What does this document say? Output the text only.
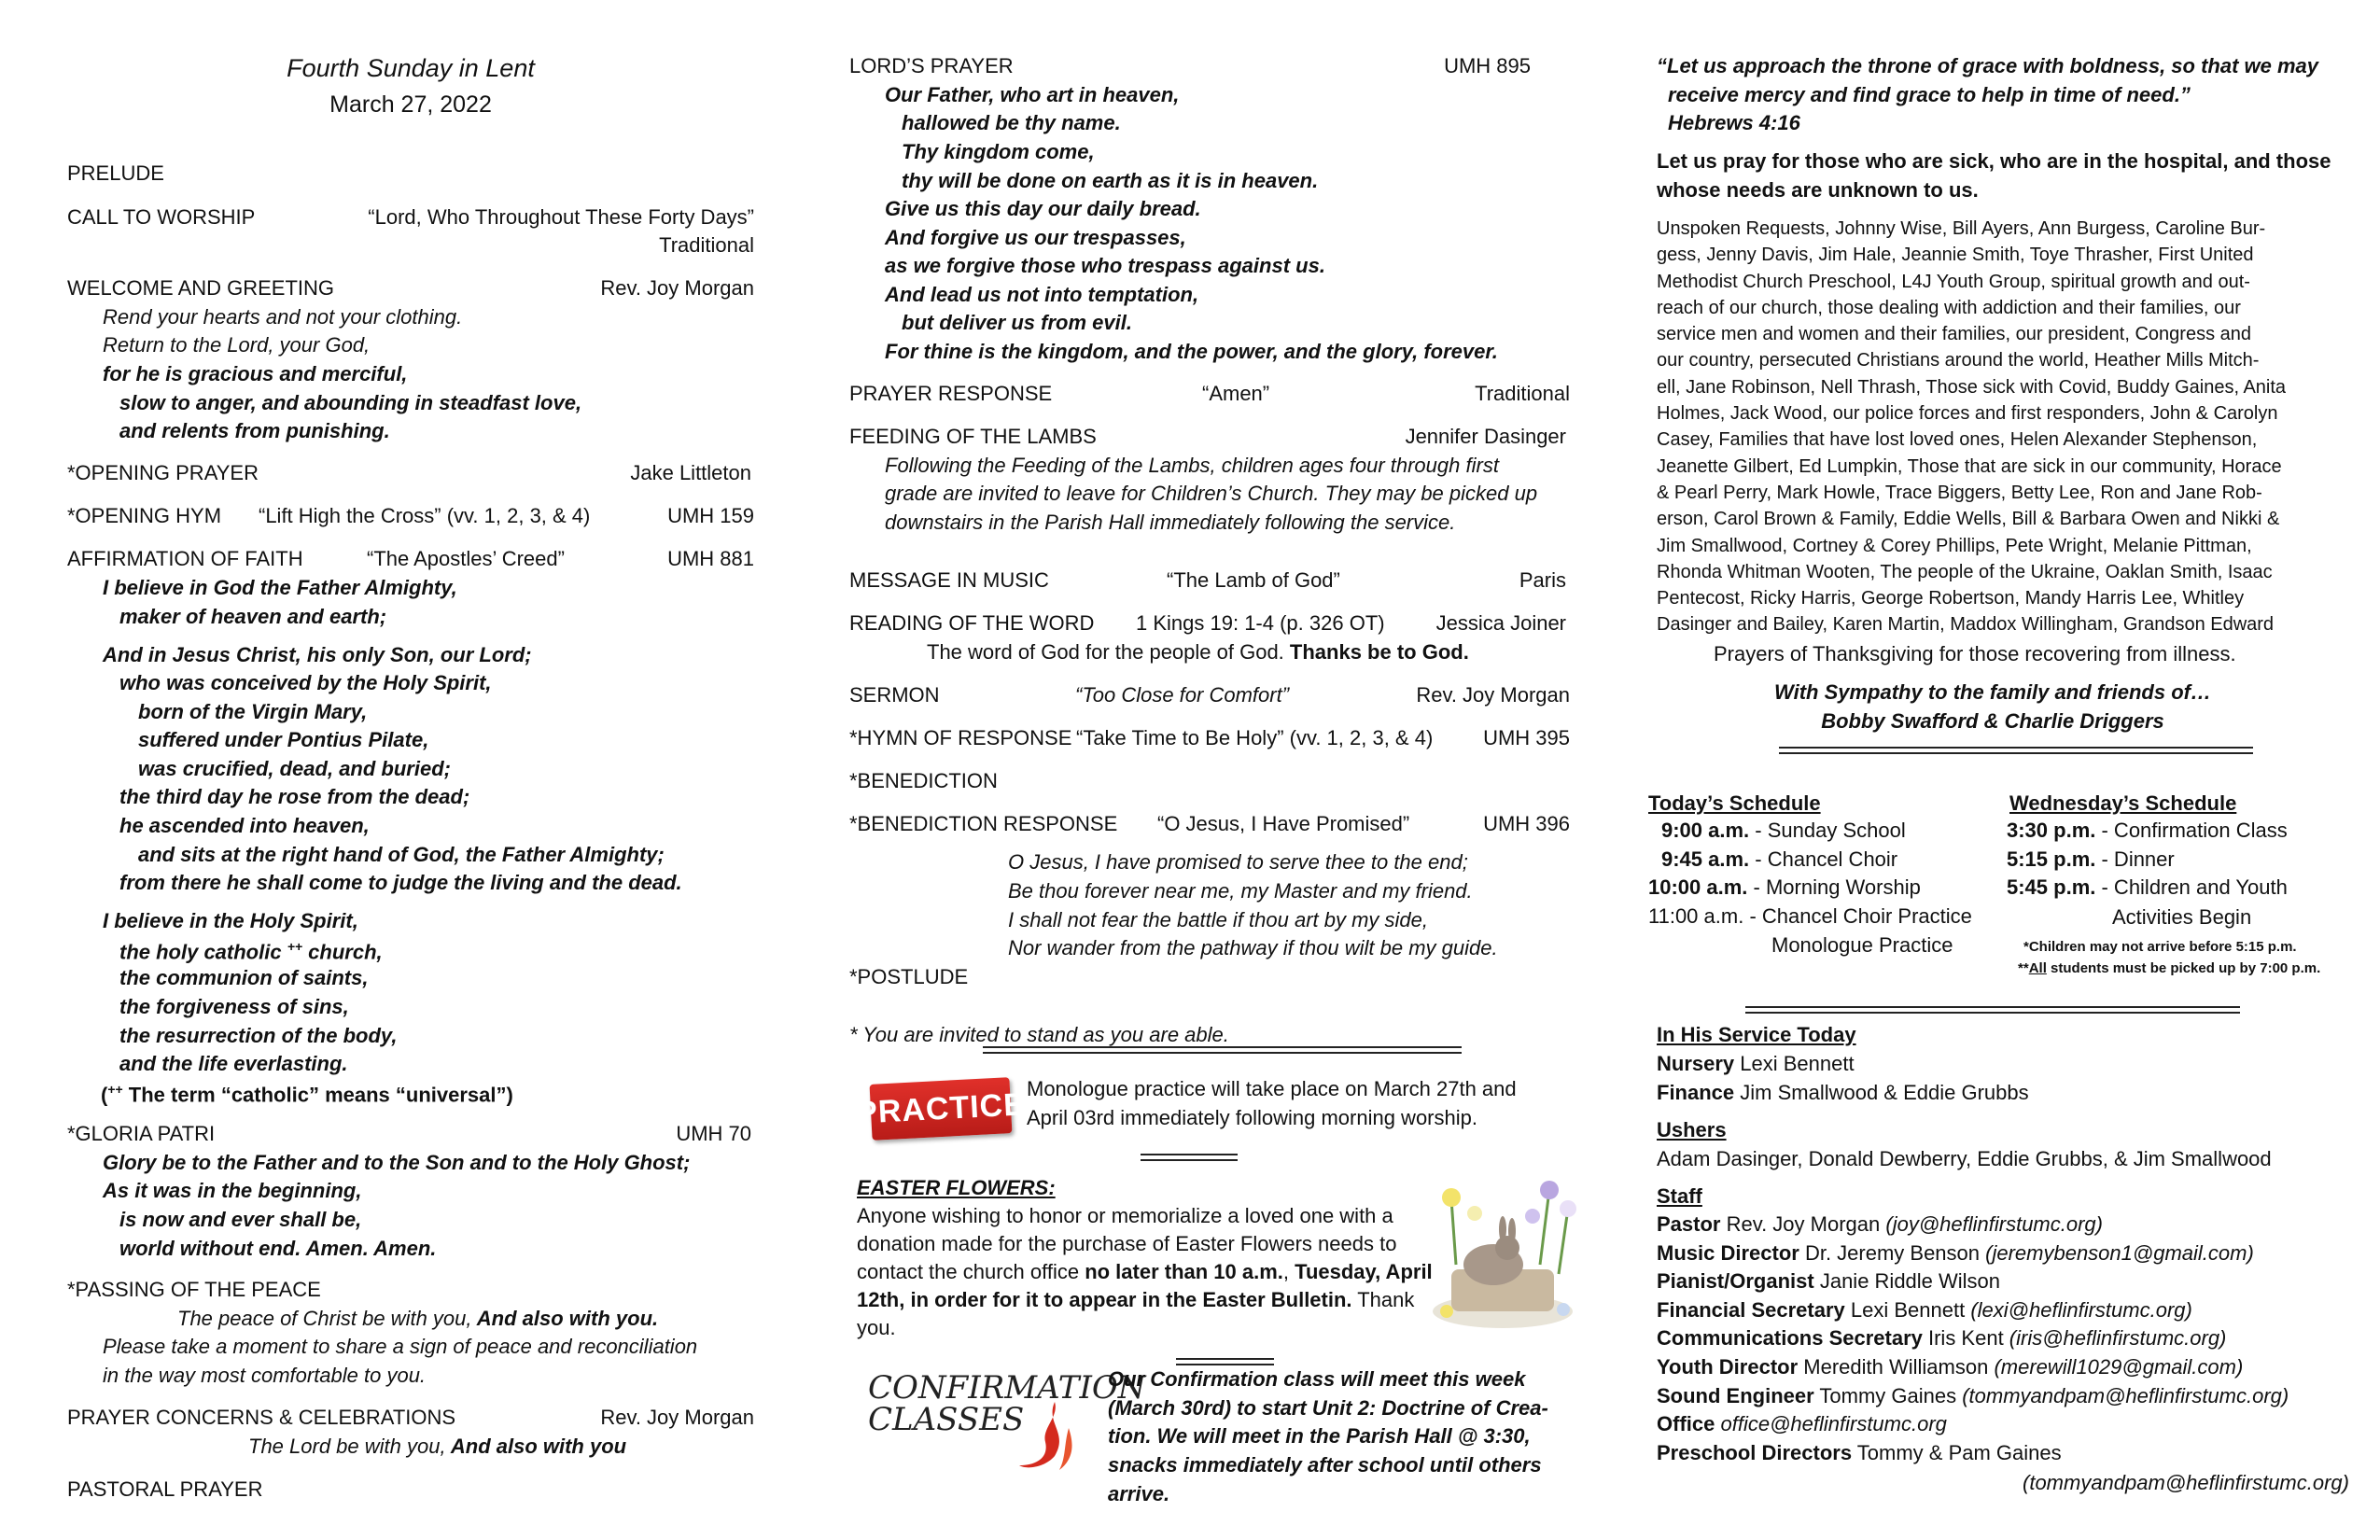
Fourth Sunday in Lent
March 27, 2022
PRELUDE
CALL TO WORSHIP	“Lord, Who Throughout These Forty Days”
Traditional
WELCOME AND GREETING	Rev. Joy Morgan
Rend your hearts and not your clothing.
Return to the Lord, your God,
for he is gracious and merciful,
slow to anger, and abounding in steadfast love,
and relents from punishing.
*OPENING PRAYER	Jake Littleton
*OPENING HYM “Lift High the Cross” (vv. 1, 2, 3, & 4)	UMH 159
AFFIRMATION OF FAITH	“The Apostles’ Creed”	UMH 881
I believe in God the Father Almighty,
maker of heaven and earth;
And in Jesus Christ, his only Son, our Lord;
who was conceived by the Holy Spirit,
born of the Virgin Mary,
suffered under Pontius Pilate,
was crucified, dead, and buried;
the third day he rose from the dead;
he ascended into heaven,
and sits at the right hand of God, the Father Almighty;
from there he shall come to judge the living and the dead.
I believe in the Holy Spirit,
the holy catholic ++ church,
the communion of saints,
the forgiveness of sins,
the resurrection of the body,
and the life everlasting.
(++ The term “catholic” means “universal”)
*GLORIA PATRI	UMH 70
Glory be to the Father and to the Son and to the Holy Ghost;
As it was in the beginning,
is now and ever shall be,
world without end. Amen. Amen.
*PASSING OF THE PEACE
The peace of Christ be with you, And also with you.
Please take a moment to share a sign of peace and reconciliation
in the way most comfortable to you.
PRAYER CONCERNS & CELEBRATIONS	Rev. Joy Morgan
The Lord be with you, And also with you
PASTORAL PRAYER
LORD’S PRAYER	UMH 895
Our Father, who art in heaven,
hallowed be thy name.
Thy kingdom come,
thy will be done on earth as it is in heaven.
Give us this day our daily bread.
And forgive us our trespasses,
as we forgive those who trespass against us.
And lead us not into temptation,
but deliver us from evil.
For thine is the kingdom, and the power, and the glory, forever.
PRAYER RESPONSE	“Amen”	Traditional
FEEDING OF THE LAMBS	Jennifer Dasinger
Following the Feeding of the Lambs, children ages four through first
grade are invited to leave for Children’s Church. They may be picked up
downstairs in the Parish Hall immediately following the service.
MESSAGE IN MUSIC	“The Lamb of God”	Paris
READING OF THE WORD 1 Kings 19: 1-4 (p. 326 OT)	Jessica Joiner
The word of God for the people of God. Thanks be to God.
SERMON	“Too Close for Comfort”	Rev. Joy Morgan
*HYMN OF RESPONSE “Take Time to Be Holy” (vv. 1, 2, 3, & 4) UMH 395
*BENEDICTION
*BENEDICTION RESPONSE “O Jesus, I Have Promised”	UMH 396
O Jesus, I have promised to serve thee to the end;
Be thou forever near me, my Master and my friend.
I shall not fear the battle if thou art by my side,
Nor wander from the pathway if thou wilt be my guide.
*POSTLUDE
* You are invited to stand as you are able.
PRACTICE Monologue practice will take place on March 27th and
April 03rd immediately following morning worship.
EASTER FLOWERS:
Anyone wishing to honor or memorialize a loved one with a
donation made for the purchase of Easter Flowers needs to
contact the church office no later than 10 a.m., Tuesday, April
12th, in order for it to appear in the Easter Bulletin. Thank
you.
CONFIRMATION
CLASSES
Our Confirmation class will meet this week
(March 30rd) to start Unit 2: Doctrine of Crea-
tion. We will meet in the Parish Hall @ 3:30,
snacks immediately after school until others
arrive.
“Let us approach the throne of grace with boldness, so that we may
receive mercy and find grace to help in time of need.”
Hebrews 4:16
Let us pray for those who are sick, who are in the hospital, and those
whose needs are unknown to us.
Unspoken Requests, Johnny Wise, Bill Ayers, Ann Burgess, Caroline Bur-
gess, Jenny Davis, Jim Hale, Jeannie Smith, Toye Thrasher, First United
Methodist Church Preschool, L4J Youth Group, spiritual growth and out-
reach of our church, those dealing with addiction and their families, our
service men and women and their families, our president, Congress and
our country, persecuted Christians around the world, Heather Mills Mitch-
ell, Jane Robinson, Nell Thrash, Those sick with Covid, Buddy Gaines, Anita
Holmes, Jack Wood, our police forces and first responders, John & Carolyn
Casey, Families that have lost loved ones, Helen Alexander Stephenson,
Jeanette Gilbert, Ed Lumpkin, Those that are sick in our community, Horace
& Pearl Perry, Mark Howle, Trace Biggers, Betty Lee, Ron and Jane Rob-
erson, Carol Brown & Family, Eddie Wells, Bill & Barbara Owen and Nikki &
Jim Smallwood, Cortney & Corey Phillips, Pete Wright, Melanie Pittman,
Rhonda Whitman Wooten, The people of the Ukraine, Oaklan Smith, Isaac
Pentecost, Ricky Harris, George Robertson, Mandy Harris Lee, Whitley
Dasinger and Bailey, Karen Martin, Maddox Willingham, Grandson Edward
Prayers of Thanksgiving for those recovering from illness.
With Sympathy to the family and friends of…
Bobby Swafford & Charlie Driggers
Today’s Schedule
9:00 a.m. - Sunday School
9:45 a.m. - Chancel Choir
10:00 a.m. - Morning Worship
11:00 a.m. - Chancel Choir Practice
Monologue Practice
Wednesday’s Schedule
3:30 p.m. - Confirmation Class
5:15 p.m. - Dinner
5:45 p.m. - Children and Youth
Activities Begin
*Children may not arrive before 5:15 p.m.
**All students must be picked up by 7:00 p.m.
In His Service Today
Nursery Lexi Bennett
Finance Jim Smallwood & Eddie Grubbs
Ushers
Adam Dasinger, Donald Dewberry, Eddie Grubbs, & Jim Smallwood
Staff
Pastor Rev. Joy Morgan (joy@heflinfirstumc.org)
Music Director Dr. Jeremy Benson (jeremybenson1@gmail.com)
Pianist/Organist Janie Riddle Wilson
Financial Secretary Lexi Bennett (lexi@heflinfirstumc.org)
Communications Secretary Iris Kent (iris@heflinfirstumc.org)
Youth Director Meredith Williamson (merewill1029@gmail.com)
Sound Engineer Tommy Gaines (tommyandpam@heflinfirstumc.org)
Office office@heflinfirstumc.org
Preschool Directors Tommy & Pam Gaines
(tommyandpam@heflinfirstumc.org)
